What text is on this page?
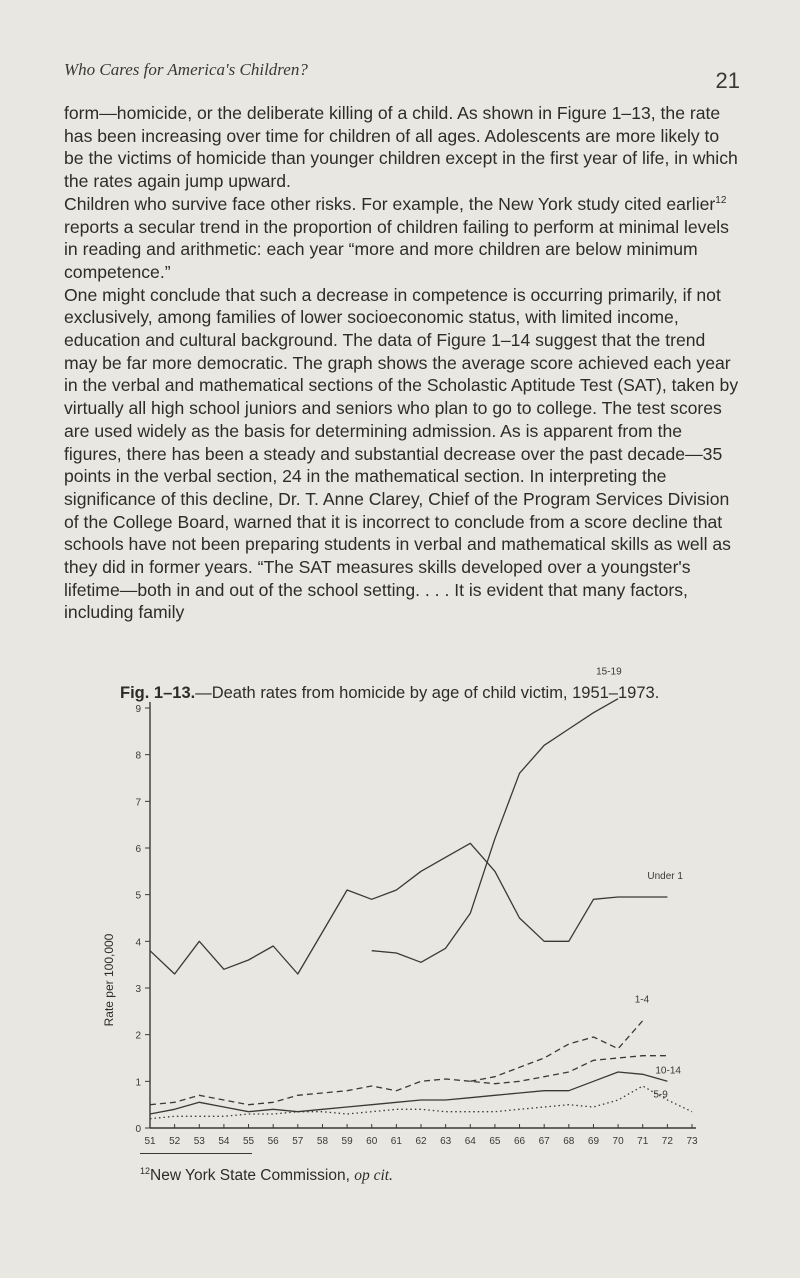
Who Cares for America's Children?	21

form—homicide, or the deliberate killing of a child. As shown in Figure 1–13, the rate has been increasing over time for children of all ages. Adolescents are more likely to be the victims of homicide than younger children except in the first year of life, in which the rates again jump upward.

Children who survive face other risks. For example, the New York study cited earlier$^{12}$ reports a secular trend in the proportion of children failing to perform at minimal levels in reading and arithmetic: each year “more and more children are below minimum competence.”

One might conclude that such a decrease in competence is occurring primarily, if not exclusively, among families of lower socioeconomic status, with limited income, education and cultural background. The data of Figure 1–14 suggest that the trend may be far more democratic. The graph shows the average score achieved each year in the verbal and mathematical sections of the Scholastic Aptitude Test (SAT), taken by virtually all high school juniors and seniors who plan to go to college. The test scores are used widely as the basis for determining admission. As is apparent from the figures, there has been a steady and substantial decrease over the past decade—35 points in the verbal section, 24 in the mathematical section. In interpreting the significance of this decline, Dr. T. Anne Clarey, Chief of the Program Services Division of the College Board, warned that it is incorrect to conclude from a score decline that schools have not been preparing students in verbal and mathematical skills as well as they did in former years. “The SAT measures skills developed over a youngster's lifetime—both in and out of the school setting. . . . It is evident that many factors, including family

Fig. 1–13.—Death rates from homicide by age of child victim, 1951–1973.
0
1
2
3
4
5
6
7
8
9
51 52 53 54 55 56 57 58 59 60 61 62 63 64 65 66 67 68 69 70 71 72 73
15-19
Under 1
1-4
10-14
5-9
Rate per 100,000
$^{12}$New York State Commission, op cit.
